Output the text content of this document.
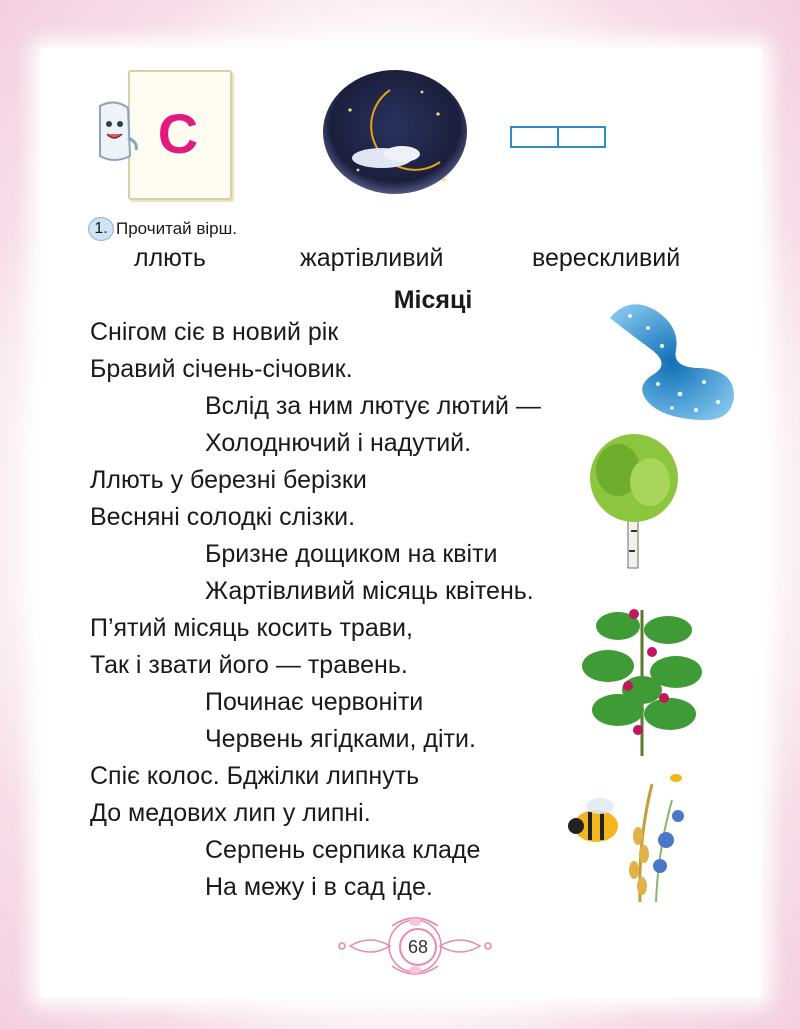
С
1. Прочитай вірш.
ллють	жартівливий	верескливий
Місяці
Снігом сіє в новий рік
Бравий січень-січовик.
Вслід за ним лютує лютий —
Холоднючий і надутий.
Ллють у березні берізки
Весняні солодкі слізки.
Бризне дощиком на квіти
Жартівливий місяць квітень.
П’ятий місяць косить трави,
Так і звати його — травень.
Починає червоніти
Червень ягідками, діти.
Спіє колос. Бджілки липнуть
До медових лип у липні.
Серпень серпика кладе
На межу і в сад іде.
68
